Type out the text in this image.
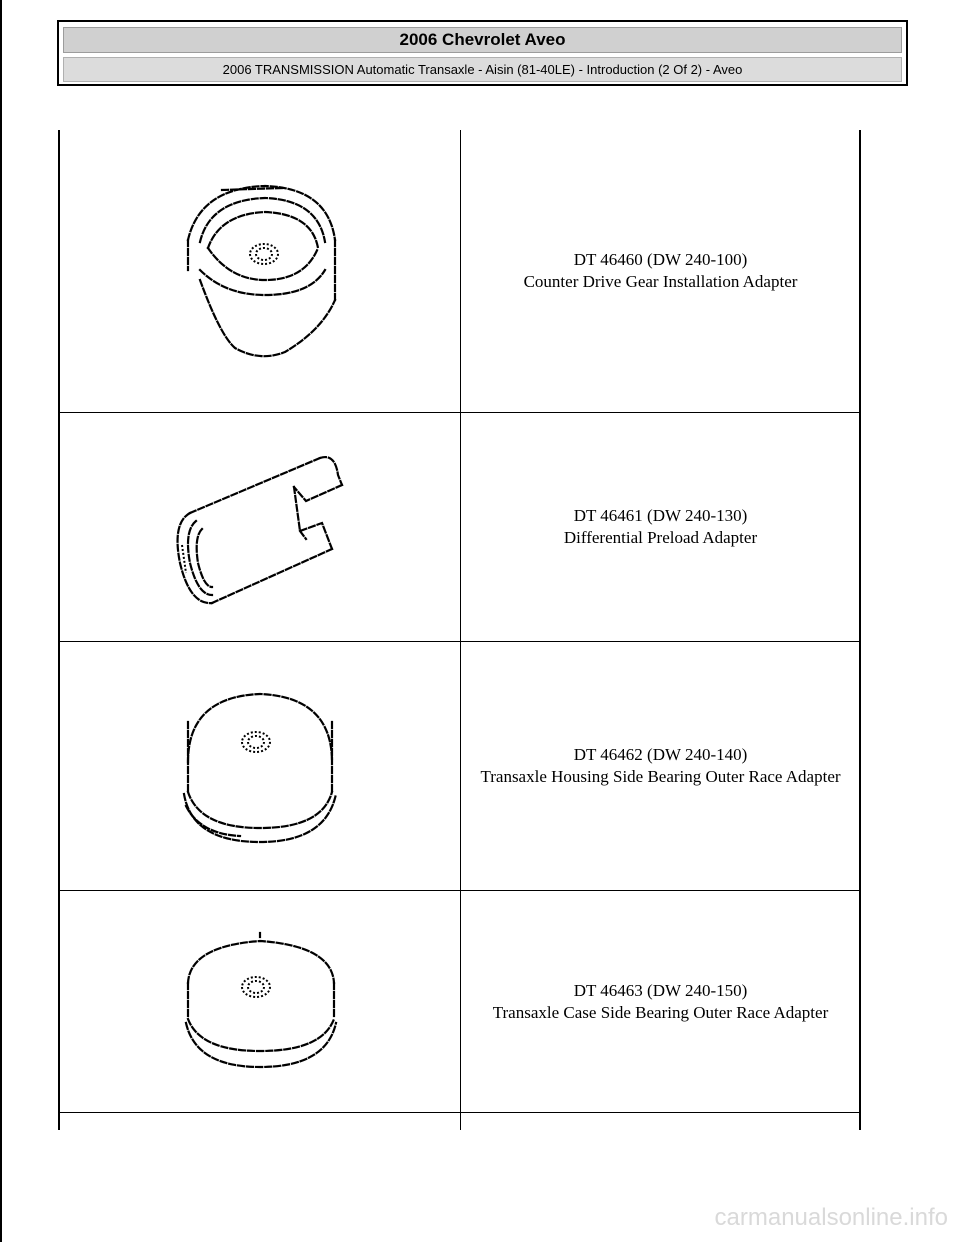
2006 Chevrolet Aveo
2006 TRANSMISSION Automatic Transaxle - Aisin (81-40LE) - Introduction (2 Of 2) - Aveo
DT 46460 (DW 240-100)
Counter Drive Gear Installation Adapter
DT 46461 (DW 240-130)
Differential Preload Adapter
DT 46462 (DW 240-140)
Transaxle Housing Side Bearing Outer Race Adapter
DT 46463 (DW 240-150)
Transaxle Case Side Bearing Outer Race Adapter
carmanualsonline.info
